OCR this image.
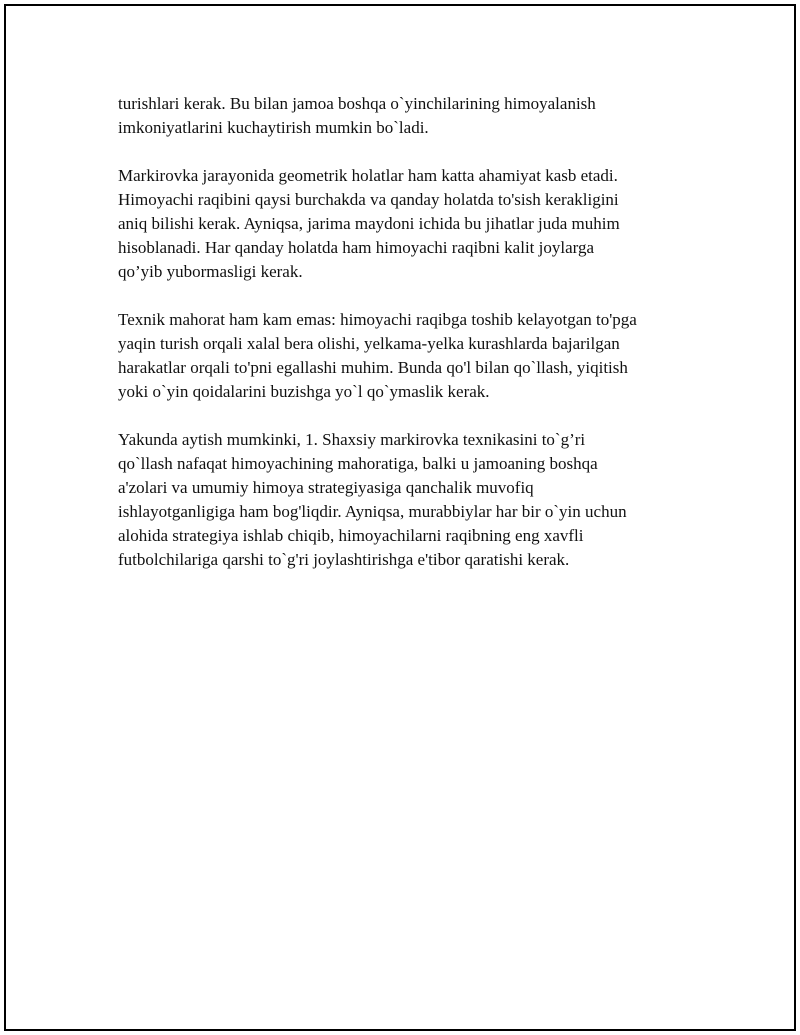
turishlari kerak. Bu bilan jamoa boshqa o`yinchilarining himoyalanish
imkoniyatlarini kuchaytirish mumkin bo`ladi.

Markirovka jarayonida geometrik holatlar ham katta ahamiyat kasb etadi.
Himoyachi raqibini qaysi burchakda va qanday holatda to'sish kerakligini
aniq bilishi kerak. Ayniqsa, jarima maydoni ichida bu jihatlar juda muhim
hisoblanadi. Har qanday holatda ham himoyachi raqibni kalit joylarga
qo’yib yubormasligi kerak.

Texnik mahorat ham kam emas: himoyachi raqibga toshib kelayotgan to'pga
yaqin turish orqali xalal bera olishi, yelkama-yelka kurashlarda bajarilgan
harakatlar orqali to'pni egallashi muhim. Bunda qo'l bilan qo`llash, yiqitish
yoki o`yin qoidalarini buzishga yo`l qo`ymaslik kerak.

Yakunda aytish mumkinki, 1. Shaxsiy markirovka texnikasini to`g’ri
qo`llash nafaqat himoyachining mahoratiga, balki u jamoaning boshqa
a'zolari va umumiy himoya strategiyasiga qanchalik muvofiq
ishlayotganligiga ham bog'liqdir. Ayniqsa, murabbiylar har bir o`yin uchun
alohida strategiya ishlab chiqib, himoyachilarni raqibning eng xavfli
futbolchilariga qarshi to`g'ri joylashtirishga e'tibor qaratishi kerak.
